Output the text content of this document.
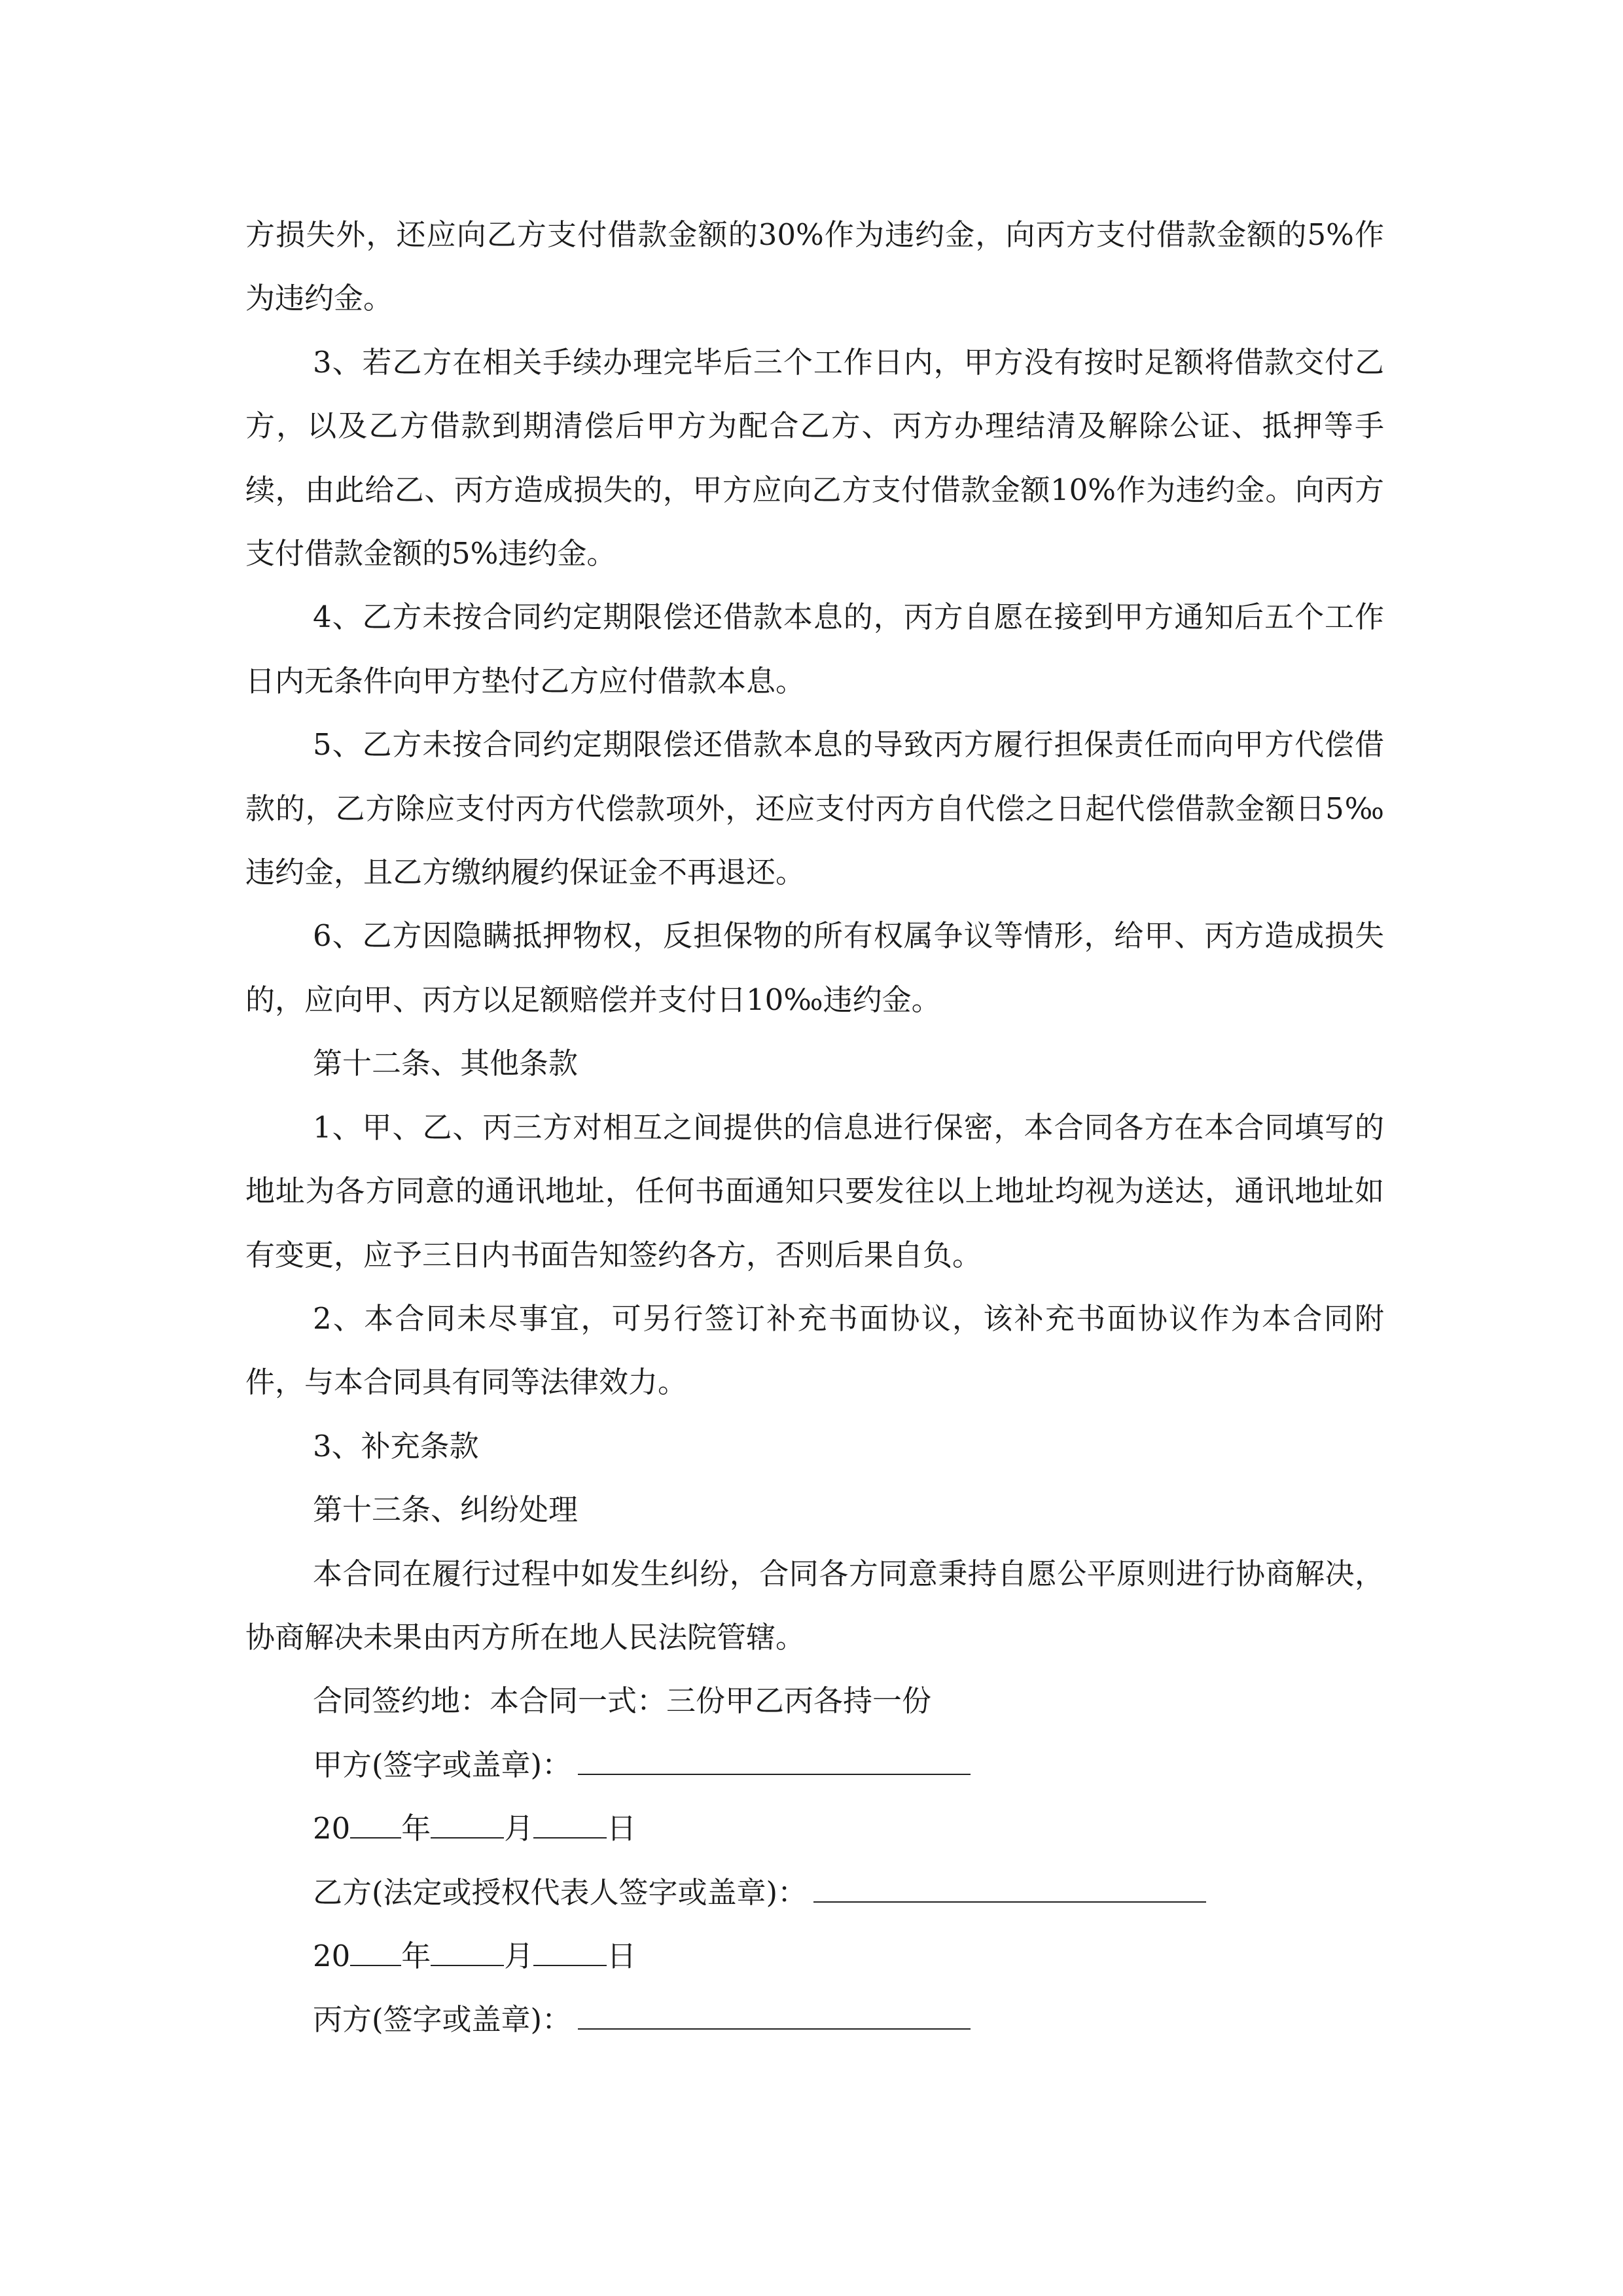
方损失外，还应向乙方支付借款金额的30%作为违约金，向丙方支付借款金额的5%作为违约金。

3、若乙方在相关手续办理完毕后三个工作日内，甲方没有按时足额将借款交付乙方，以及乙方借款到期清偿后甲方为配合乙方、丙方办理结清及解除公证、抵押等手续，由此给乙、丙方造成损失的，甲方应向乙方支付借款金额10%作为违约金。向丙方支付借款金额的5%违约金。

4、乙方未按合同约定期限偿还借款本息的，丙方自愿在接到甲方通知后五个工作日内无条件向甲方垫付乙方应付借款本息。

5、乙方未按合同约定期限偿还借款本息的导致丙方履行担保责任而向甲方代偿借款的，乙方除应支付丙方代偿款项外，还应支付丙方自代偿之日起代偿借款金额日5‰违约金，且乙方缴纳履约保证金不再退还。

6、乙方因隐瞒抵押物权，反担保物的所有权属争议等情形，给甲、丙方造成损失的，应向甲、丙方以足额赔偿并支付日10‰违约金。

第十二条、其他条款

1、甲、乙、丙三方对相互之间提供的信息进行保密，本合同各方在本合同填写的地址为各方同意的通讯地址，任何书面通知只要发往以上地址均视为送达，通讯地址如有变更，应予三日内书面告知签约各方，否则后果自负。

2、本合同未尽事宜，可另行签订补充书面协议，该补充书面协议作为本合同附件，与本合同具有同等法律效力。

3、补充条款

第十三条、纠纷处理

本合同在履行过程中如发生纠纷，合同各方同意秉持自愿公平原则进行协商解决，协商解决未果由丙方所在地人民法院管辖。

合同签约地：本合同一式：三份甲乙丙各持一份

甲方(签字或盖章)：
20 年 月 日
乙方(法定或授权代表人签字或盖章)：
20 年 月 日
丙方(签字或盖章)：
